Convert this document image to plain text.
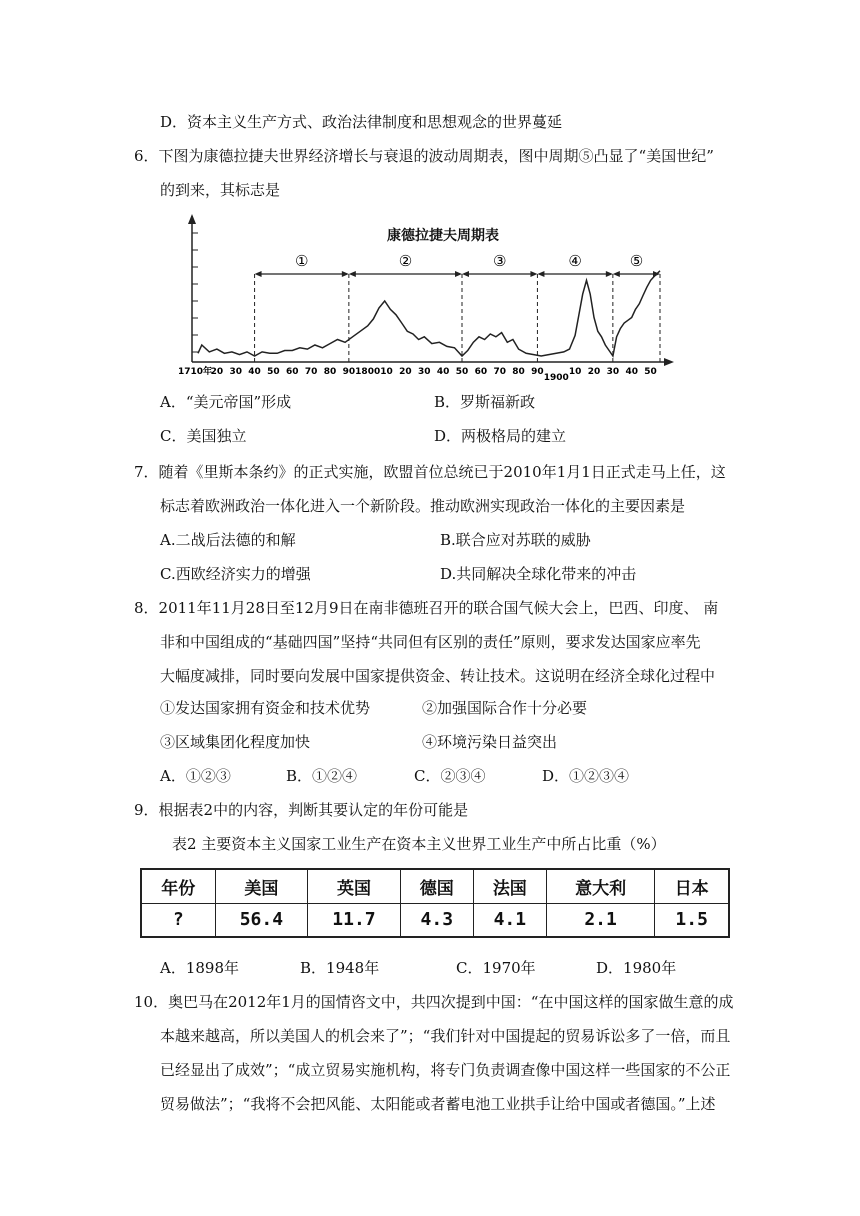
D．资本主义生产方式、政治法律制度和思想观念的世界蔓延
6．下图为康德拉捷夫世界经济增长与衰退的波动周期表，图中周期⑤凸显了“美国世纪”
的到来，其标志是
康德拉捷夫周期表
①	②	③	④	⑤
1710年
20 30 40 50 60 70 80 90 1800 10 20 30 40 50 60 70 80 90
1900
10 20 30 40 50
A．“美元帝国”形成	B．罗斯福新政
C．美国独立	D．两极格局的建立
7．随着《里斯本条约》的正式实施，欧盟首位总统已于2010年1月1日正式走马上任，这
标志着欧洲政治一体化进入一个新阶段。推动欧洲实现政治一体化的主要因素是
A.二战后法德的和解	B.联合应对苏联的威胁
C.西欧经济实力的增强	D.共同解决全球化带来的冲击
8．2011年11月28日至12月9日在南非德班召开的联合国气候大会上，巴西、印度、 南
非和中国组成的“基础四国”坚持“共同但有区别的责任”原则，要求发达国家应率先
大幅度减排，同时要向发展中国家提供资金、转让技术。这说明在经济全球化过程中
①发达国家拥有资金和技术优势	②加强国际合作十分必要
③区域集团化程度加快	④环境污染日益突出
A．①②③	B．①②④	C．②③④	D．①②③④
9．根据表2中的内容，判断其要认定的年份可能是
表2 主要资本主义国家工业生产在资本主义世界工业生产中所占比重（%）
年份	美国	英国	德国	法国	意大利	日本
?	56.4	11.7	4.3	4.1	2.1	1.5
A．1898年	B．1948年	C．1970年	D．1980年
10．奥巴马在2012年1月的国情咨文中，共四次提到中国：“在中国这样的国家做生意的成
本越来越高，所以美国人的机会来了”；“我们针对中国提起的贸易诉讼多了一倍，而且
已经显出了成效”；“成立贸易实施机构，将专门负责调查像中国这样一些国家的不公正
贸易做法”；“我将不会把风能、太阳能或者蓄电池工业拱手让给中国或者德国。”上述
